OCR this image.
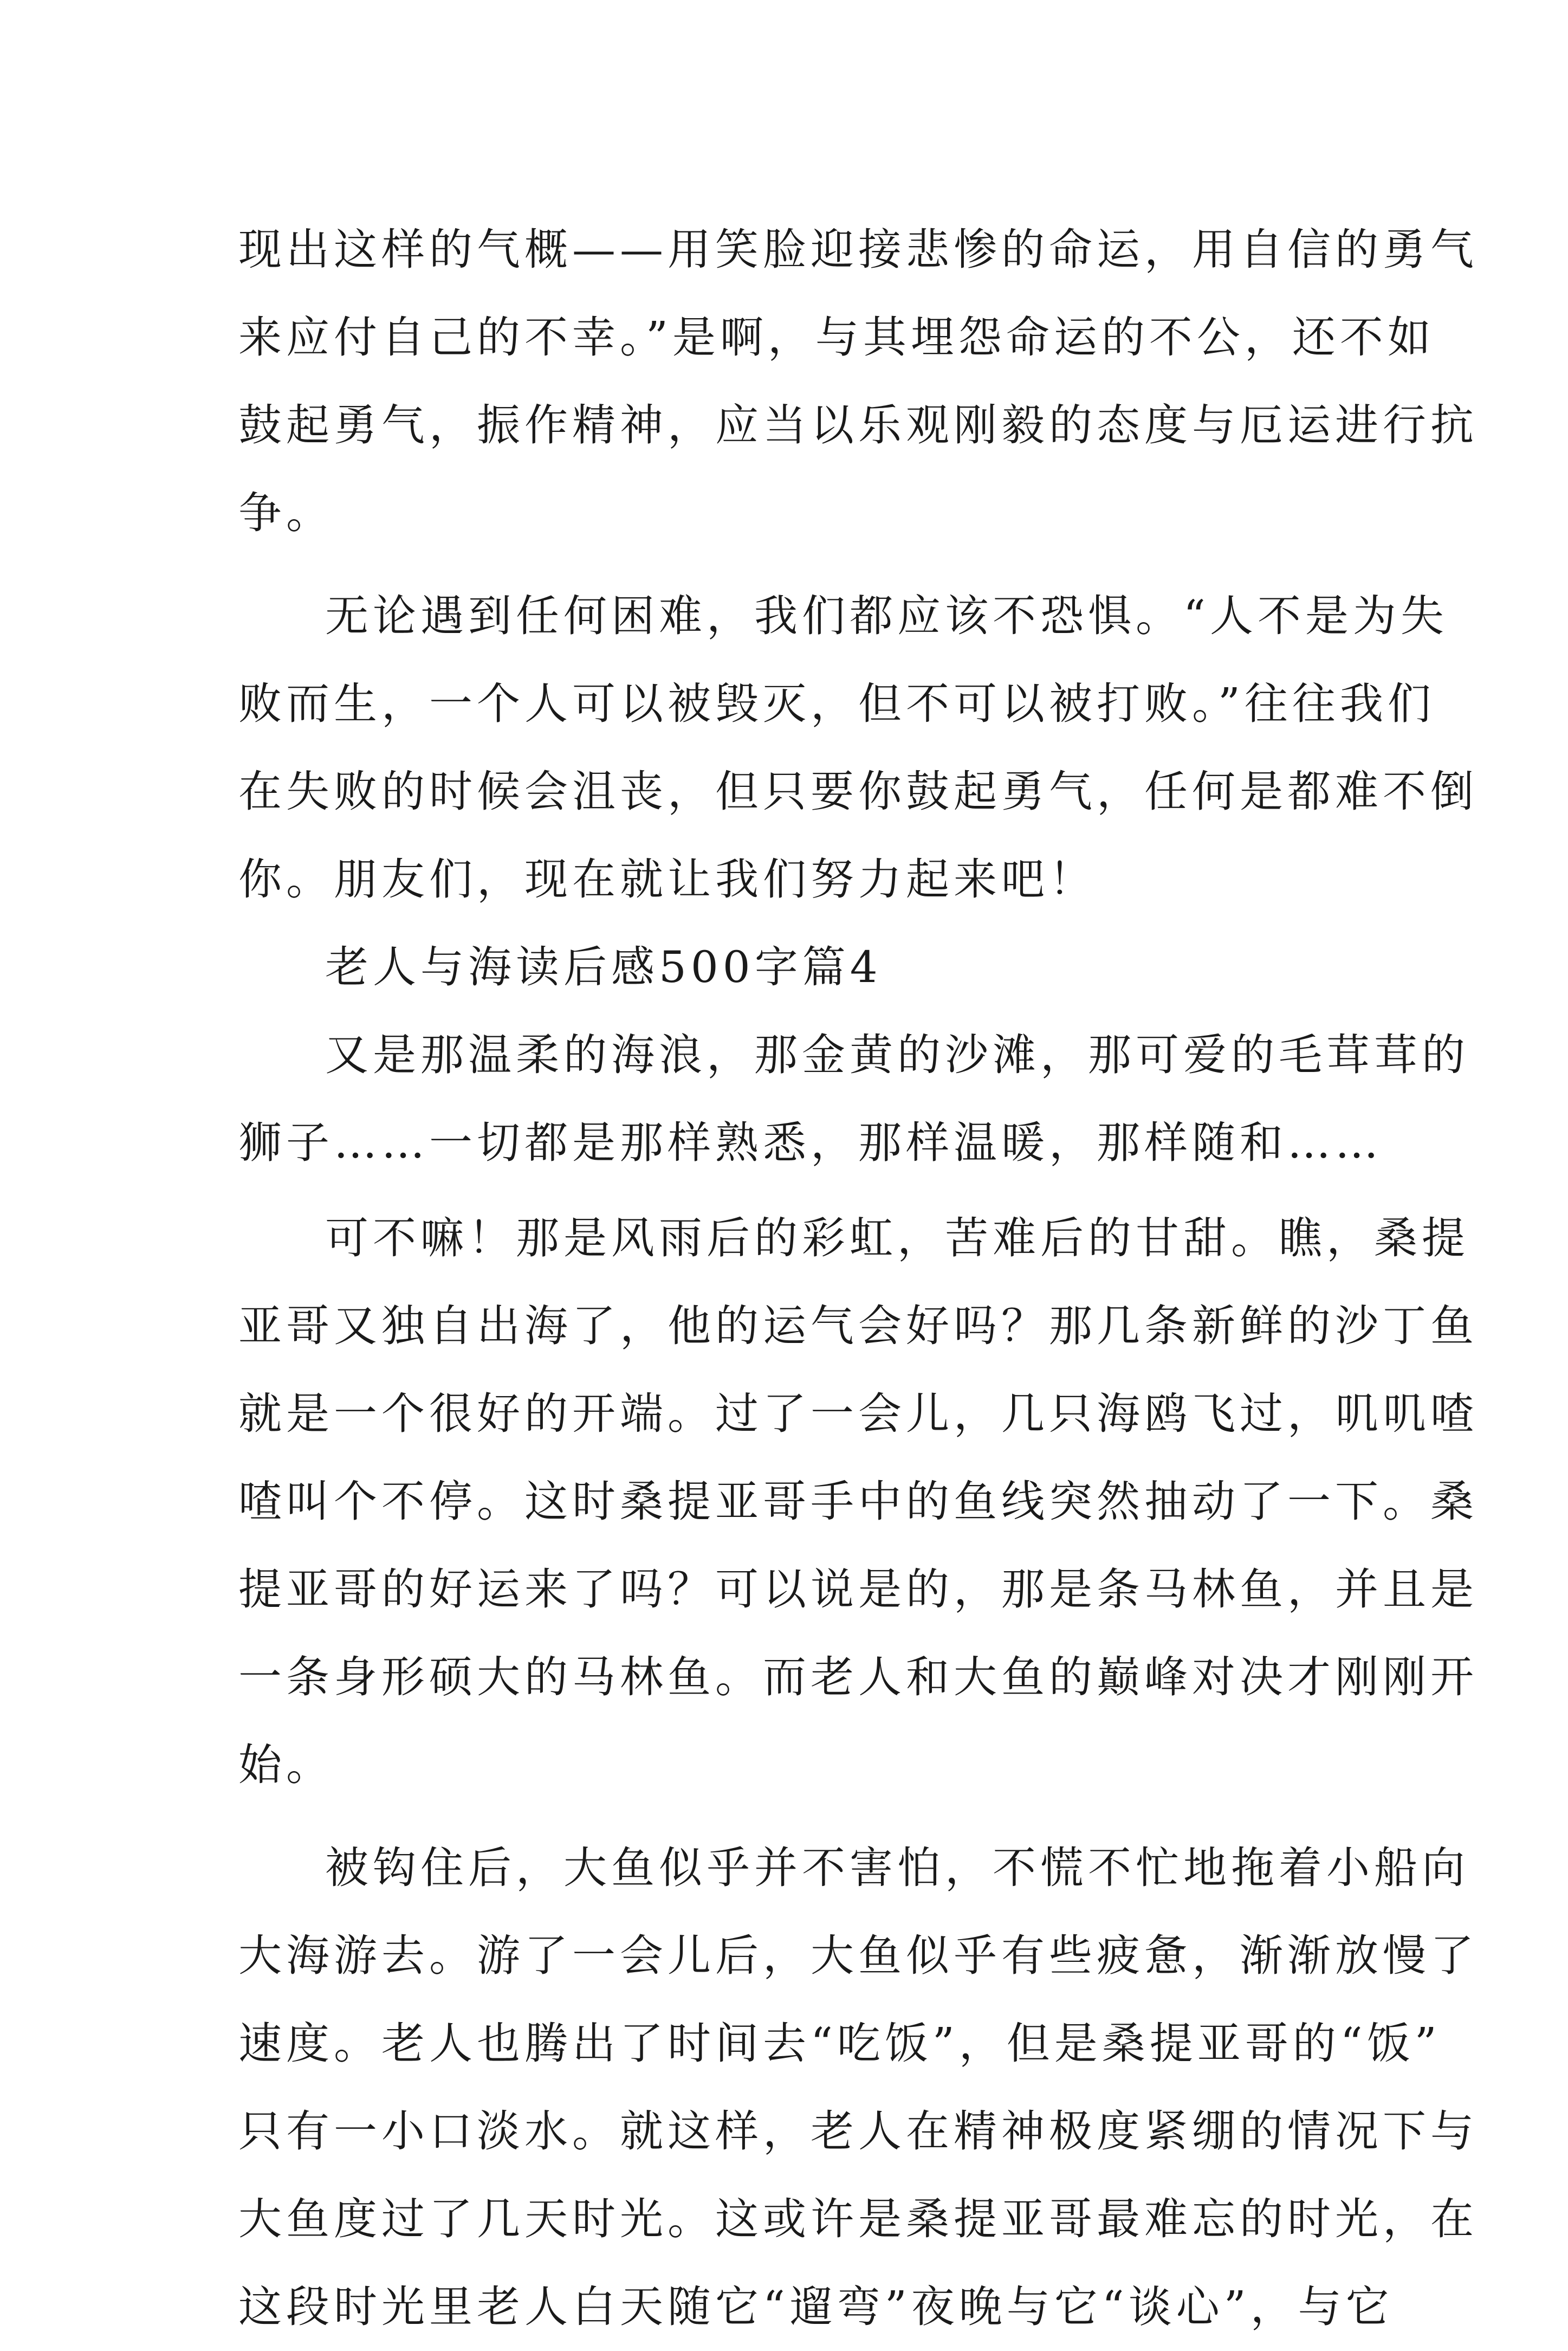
现出这样的气概——用笑脸迎接悲惨的命运，用自信的勇气
来应付自己的不幸。”是啊，与其埋怨命运的不公，还不如
鼓起勇气，振作精神，应当以乐观刚毅的态度与厄运进行抗
争。

无论遇到任何困难，我们都应该不恐惧。“人不是为失
败而生，一个人可以被毁灭，但不可以被打败。”往往我们
在失败的时候会沮丧，但只要你鼓起勇气，任何是都难不倒
你。朋友们，现在就让我们努力起来吧！

老人与海读后感500字篇4

又是那温柔的海浪，那金黄的沙滩，那可爱的毛茸茸的
狮子……一切都是那样熟悉，那样温暖，那样随和……

可不嘛！那是风雨后的彩虹，苦难后的甘甜。瞧，桑提
亚哥又独自出海了，他的运气会好吗？那几条新鲜的沙丁鱼
就是一个很好的开端。过了一会儿，几只海鸥飞过，叽叽喳
喳叫个不停。这时桑提亚哥手中的鱼线突然抽动了一下。桑
提亚哥的好运来了吗？可以说是的，那是条马林鱼，并且是
一条身形硕大的马林鱼。而老人和大鱼的巅峰对决才刚刚开
始。

被钩住后，大鱼似乎并不害怕，不慌不忙地拖着小船向
大海游去。游了一会儿后，大鱼似乎有些疲惫，渐渐放慢了
速度。老人也腾出了时间去“吃饭”，但是桑提亚哥的“饭”
只有一小口淡水。就这样，老人在精神极度紧绷的情况下与
大鱼度过了几天时光。这或许是桑提亚哥最难忘的时光，在
这段时光里老人白天随它“遛弯”夜晚与它“谈心”，与它
